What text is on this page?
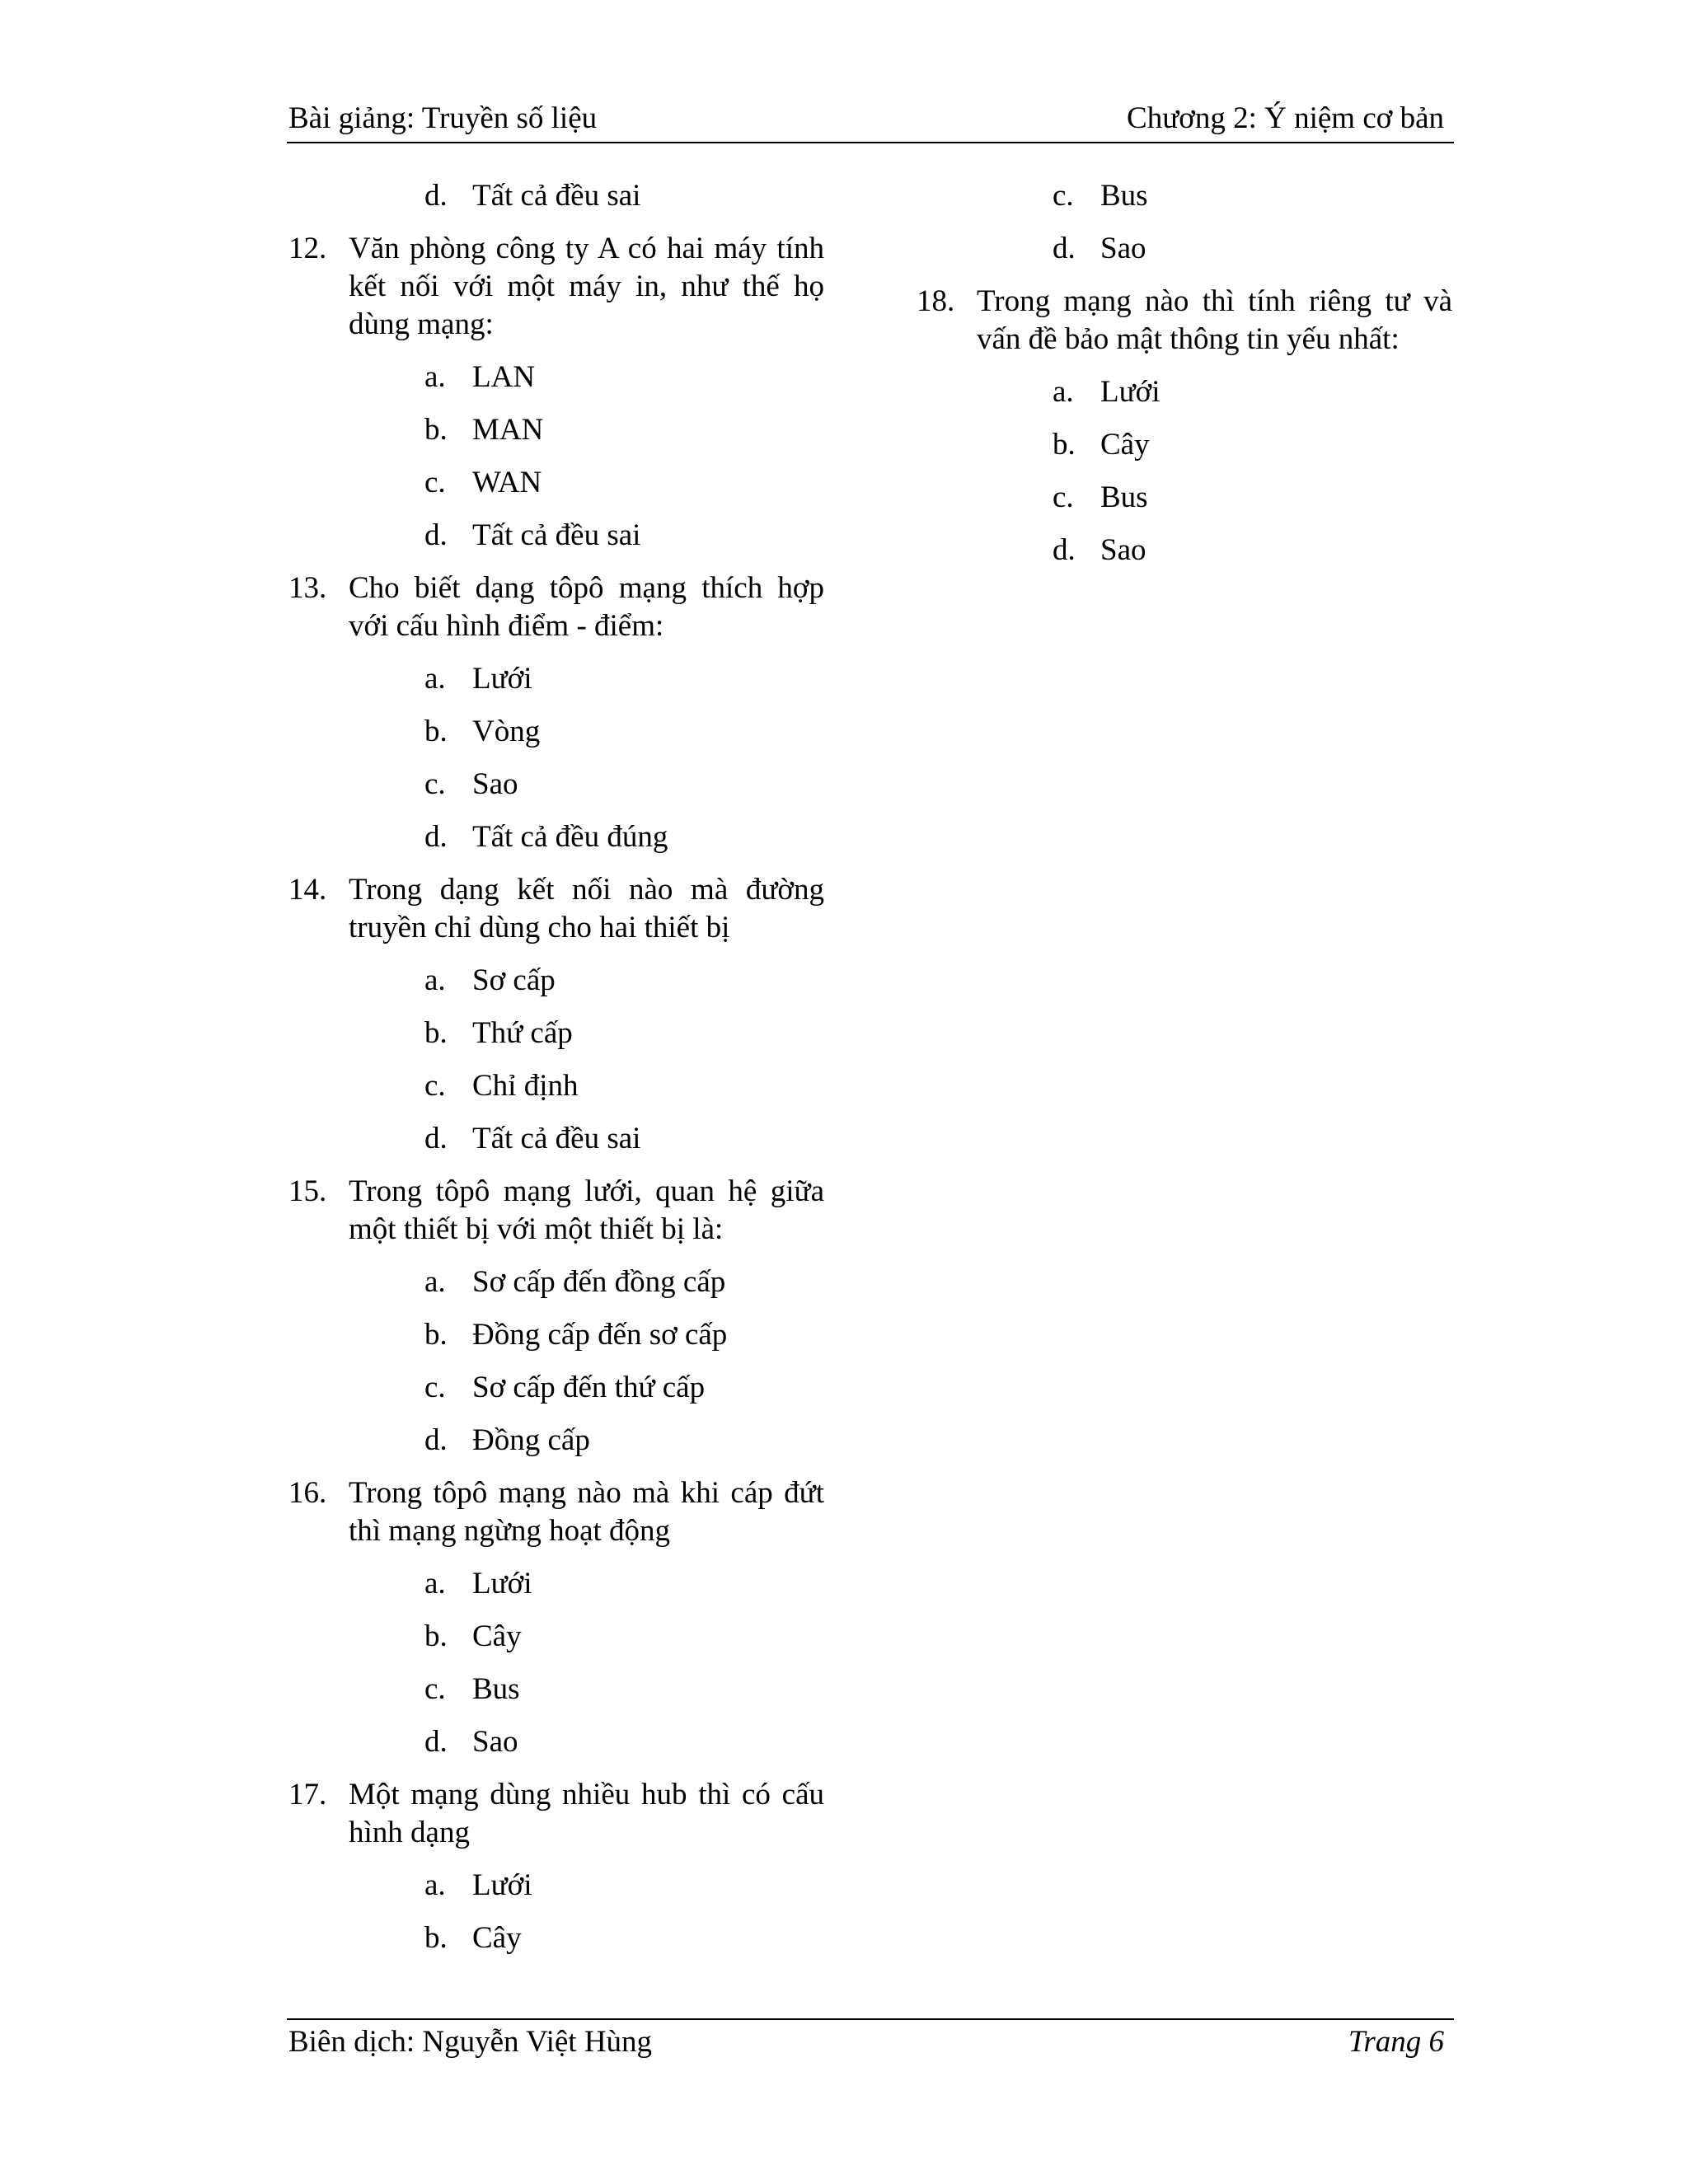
Bài giảng: Truyền số liệu	Chương 2: Ý niệm cơ bản
d. Tất cả đều sai
12. Văn phòng công ty A có hai máy tính kết nối với một máy in, như thế họ dùng mạng:
a. LAN
b. MAN
c. WAN
d. Tất cả đều sai
13. Cho biết dạng tôpô mạng thích hợp với cấu hình điểm - điểm:
a. Lưới
b. Vòng
c. Sao
d. Tất cả đều đúng
14. Trong dạng kết nối nào mà đường truyền chỉ dùng cho hai thiết bị
a. Sơ cấp
b. Thứ cấp
c. Chỉ định
d. Tất cả đều sai
15. Trong tôpô mạng lưới, quan hệ giữa một thiết bị với một thiết bị là:
a. Sơ cấp đến đồng cấp
b. Đồng cấp đến sơ cấp
c. Sơ cấp đến thứ cấp
d. Đồng cấp
16. Trong tôpô mạng nào mà khi cáp đứt thì mạng ngừng hoạt động
a. Lưới
b. Cây
c. Bus
d. Sao
17. Một mạng dùng nhiều hub thì có cấu hình dạng
a. Lưới
b. Cây
c. Bus
d. Sao
18. Trong mạng nào thì tính riêng tư và vấn đề bảo mật thông tin yếu nhất:
a. Lưới
b. Cây
c. Bus
d. Sao
Biên dịch: Nguyễn Việt Hùng	Trang 6
